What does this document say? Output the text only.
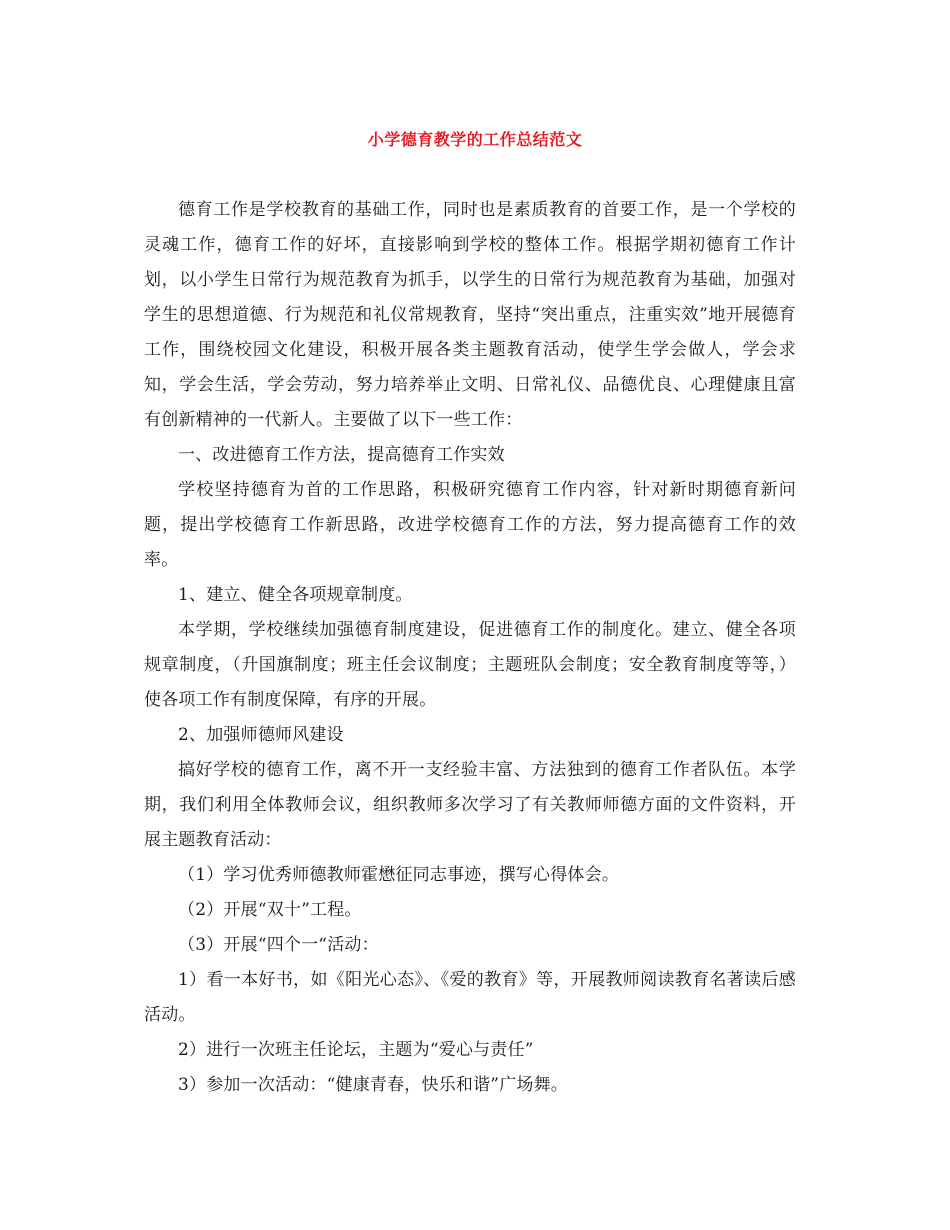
小学德育教学的工作总结范文

德育工作是学校教育的基础工作，同时也是素质教育的首要工作，是一个学校的灵魂工作，德育工作的好坏，直接影响到学校的整体工作。根据学期初德育工作计划，以小学生日常行为规范教育为抓手，以学生的日常行为规范教育为基础，加强对学生的思想道德、行为规范和礼仪常规教育，坚持“突出重点，注重实效”地开展德育工作，围绕校园文化建设，积极开展各类主题教育活动，使学生学会做人，学会求知，学会生活，学会劳动，努力培养举止文明、日常礼仪、品德优良、心理健康且富有创新精神的一代新人。主要做了以下一些工作：

一、改进德育工作方法，提高德育工作实效

学校坚持德育为首的工作思路，积极研究德育工作内容，针对新时期德育新问题，提出学校德育工作新思路，改进学校德育工作的方法，努力提高德育工作的效率。

1、建立、健全各项规章制度。

本学期，学校继续加强德育制度建设，促进德育工作的制度化。建立、健全各项规章制度，（升国旗制度；班主任会议制度；主题班队会制度；安全教育制度等等，）使各项工作有制度保障，有序的开展。

2、加强师德师风建设

搞好学校的德育工作，离不开一支经验丰富、方法独到的德育工作者队伍。本学期，我们利用全体教师会议，组织教师多次学习了有关教师师德方面的文件资料，开展主题教育活动：

（1）学习优秀师德教师霍懋征同志事迹，撰写心得体会。

（2）开展“双十”工程。

（3）开展“四个一“活动：

1）看一本好书，如《阳光心态》、《爱的教育》等，开展教师阅读教育名著读后感活动。

2）进行一次班主任论坛，主题为“爱心与责任”

3）参加一次活动：“健康青春，快乐和谐”广场舞。
